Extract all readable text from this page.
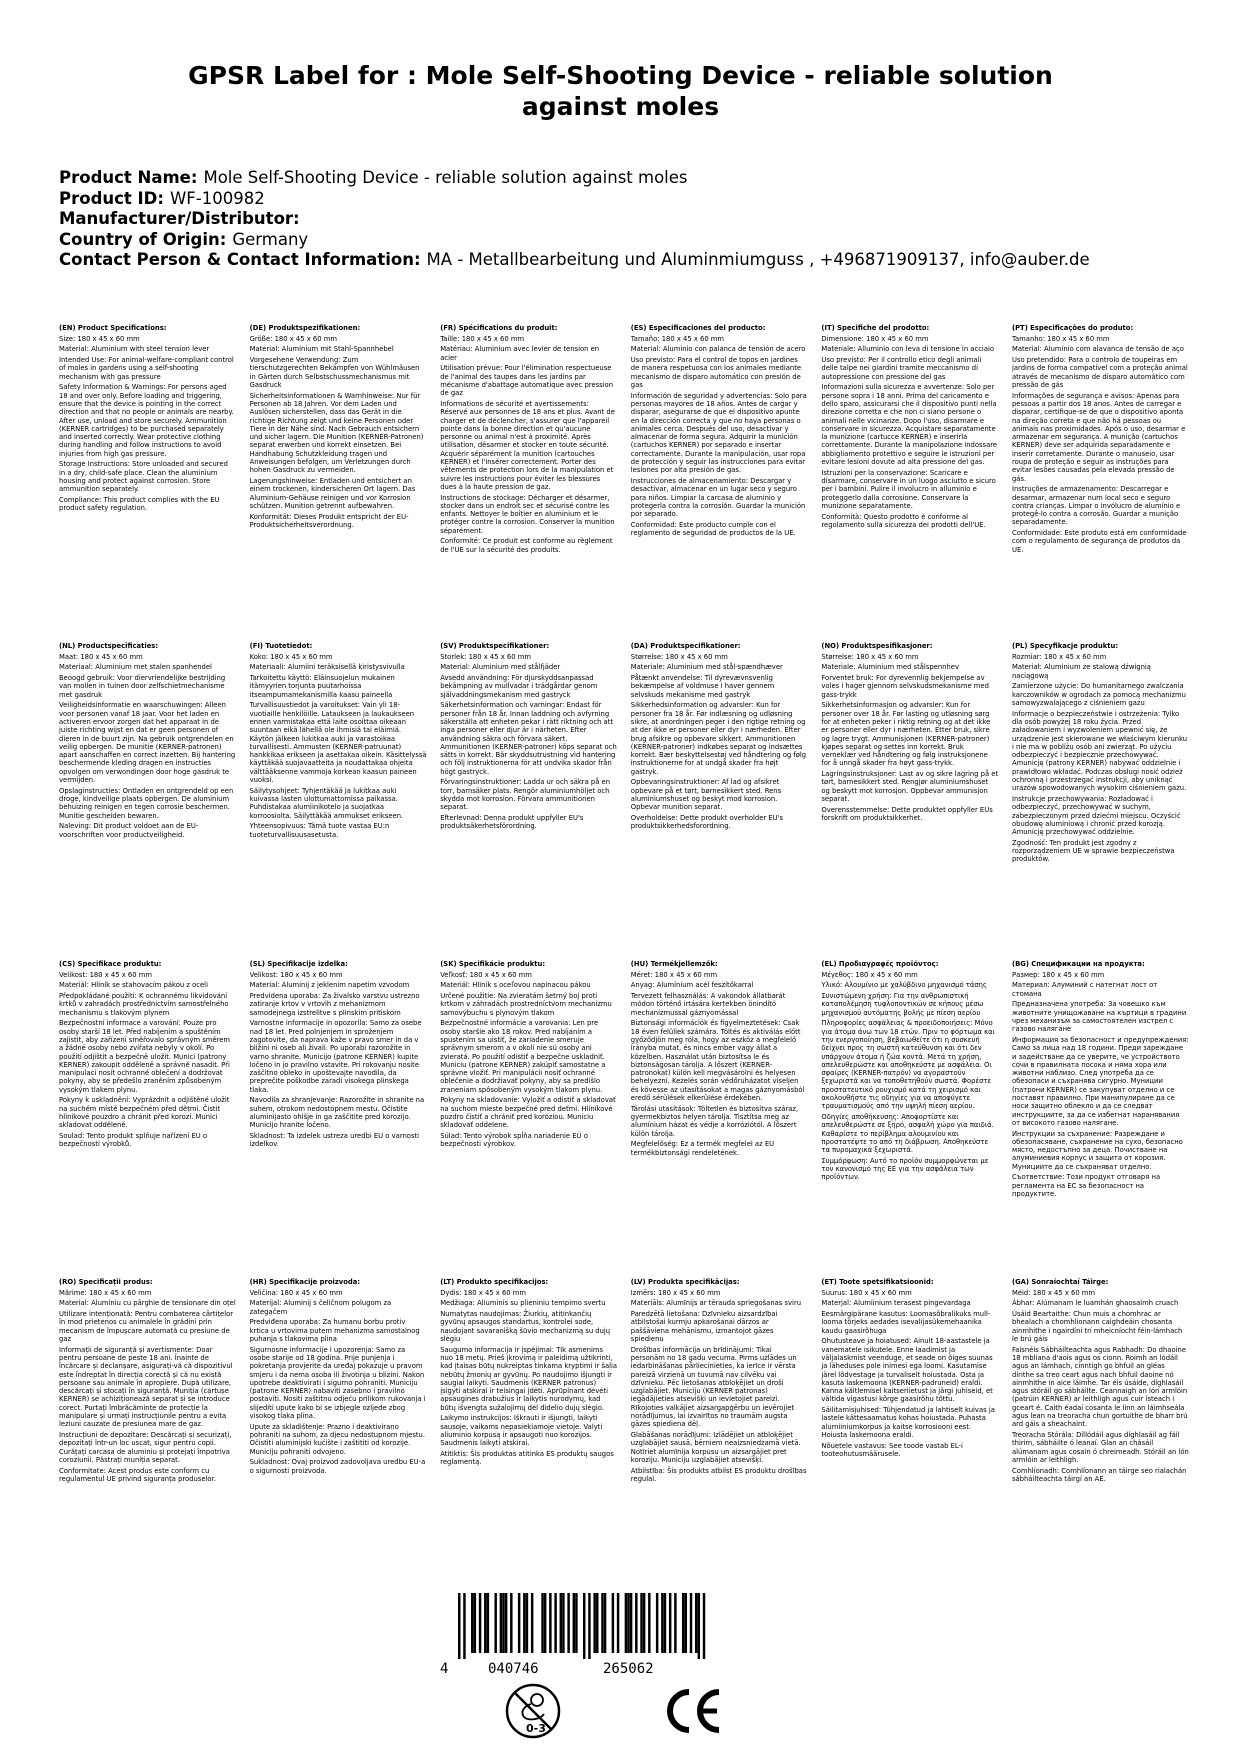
GPSR Label for : Mole Self-Shooting Device - reliable solution against moles
Product Name: Mole Self-Shooting Device - reliable solution against moles
Product ID: WF-100982
Manufacturer/Distributor:
Country of Origin: Germany
Contact Person & Contact Information: MA - Metallbearbeitung und Aluminmiumguss , +496871909137, info@auber.de

(EN) Product Specifications:

Size: 180 x 45 x 60 mm

Material: Aluminium with steel tension lever

Intended Use: For animal-welfare-compliant control of moles in gardens using a self-shooting mechanism with gas pressure

Safety Information & Warnings: For persons aged 18 and over only. Before loading and triggering, ensure that the device is pointing in the correct direction and that no people or animals are nearby. After use, unload and store securely. Ammunition (KERNER cartridges) to be purchased separately and inserted correctly. Wear protective clothing during handling and follow instructions to avoid injuries from high gas pressure.

Storage Instructions: Store unloaded and secured in a dry, child-safe place. Clean the aluminium housing and protect against corrosion. Store ammunition separately.

Compliance: This product complies with the EU product safety regulation.

(DE) Produktspezifikationen:

Größe: 180 x 45 x 60 mm

Material: Aluminium mit Stahl-Spannhebel

Vorgesehene Verwendung: Zum tierschutzgerechten Bekämpfen von Wühlmäusen in Gärten durch Selbstschussmechanismus mit Gasdruck

Sicherheitsinformationen & Warnhinweise: Nur für Personen ab 18 Jahren. Vor dem Laden und Auslösen sicherstellen, dass das Gerät in die richtige Richtung zeigt und keine Personen oder Tiere in der Nähe sind. Nach Gebrauch entsichern und sicher lagern. Die Munition (KERNER-Patronen) separat erwerben und korrekt einsetzen. Bei Handhabung Schutzkleidung tragen und Anweisungen befolgen, um Verletzungen durch hohen Gasdruck zu vermeiden.

Lagerungshinweise: Entladen und entsichert an einem trockenen, kindersicheren Ort lagern. Das Aluminium-Gehäuse reinigen und vor Korrosion schützen. Munition getrennt aufbewahren.

Konformität: Dieses Produkt entspricht der EU-Produktsicherheitsverordnung.

(FR) Spécifications du produit:

Taille: 180 x 45 x 60 mm

Matériau: Aluminium avec levier de tension en acier

Utilisation prévue: Pour l'élimination respectueuse de l'animal des taupes dans les jardins par mécanisme d'abattage automatique avec pression de gaz

Informations de sécurité et avertissements: Réservé aux personnes de 18 ans et plus. Avant de charger et de déclencher, s'assurer que l'appareil pointe dans la bonne direction et qu'aucune personne ou animal n'est à proximité. Après utilisation, désarmer et stocker en toute sécurité. Acquérir séparément la munition (cartouches KERNER) et l'insérer correctement. Porter des vêtements de protection lors de la manipulation et suivre les instructions pour éviter les blessures dues à la haute pression de gaz.

Instructions de stockage: Décharger et désarmer, stocker dans un endroit sec et sécurisé contre les enfants. Nettoyer le boîtier en aluminium et le protéger contre la corrosion. Conserver la munition séparément.

Conformité: Ce produit est conforme au règlement de l'UE sur la sécurité des produits.

(ES) Especificaciones del producto:

Tamaño: 180 x 45 x 60 mm

Material: Aluminio con palanca de tensión de acero

Uso previsto: Para el control de topos en jardines de manera respetuosa con los animales mediante mecanismo de disparo automático con presión de gas

Información de seguridad y advertencias: Solo para personas mayores de 18 años. Antes de cargar y disparar, asegurarse de que el dispositivo apunte en la dirección correcta y que no haya personas o animales cerca. Después del uso, desactivar y almacenar de forma segura. Adquirir la munición (cartuchos KERNER) por separado e insertar correctamente. Durante la manipulación, usar ropa de protección y seguir las instrucciones para evitar lesiones por alta presión de gas.

Instrucciones de almacenamiento: Descargar y desactivar, almacenar en un lugar seco y seguro para niños. Limpiar la carcasa de aluminio y protegerla contra la corrosión. Guardar la munición por separado.

Conformidad: Este producto cumple con el reglamento de seguridad de productos de la UE.

(IT) Specifiche del prodotto:

Dimensione: 180 x 45 x 60 mm

Materiale: Alluminio con leva di tensione in acciaio

Uso previsto: Per il controllo etico degli animali delle talpe nei giardini tramite meccanismo di autopressione con pressione del gas

Informazioni sulla sicurezza e avvertenze: Solo per persone sopra i 18 anni. Prima del caricamento e dello sparo, assicurarsi che il dispositivo punti nella direzione corretta e che non ci siano persone o animali nelle vicinanze. Dopo l'uso, disarmare e conservare in sicurezza. Acquistare separatamente la munizione (cartucce KERNER) e inserirla correttamente. Durante la manipolazione indossare abbigliamento protettivo e seguire le istruzioni per evitare lesioni dovute ad alta pressione del gas.

Istruzioni per la conservazione: Scaricare e disarmare, conservare in un luogo asciutto e sicuro per i bambini. Pulire il involucro in alluminio e proteggerlo dalla corrosione. Conservare la munizione separatamente.

Conformità: Questo prodotto è conforme al regolamento sulla sicurezza dei prodotti dell'UE.

(PT) Especificações do produto:

Tamanho: 180 x 45 x 60 mm

Material: Alumínio com alavanca de tensão de aço

Uso pretendido: Para o controlo de toupeiras em jardins de forma compatível com a proteção animal através de mecanismo de disparo automático com pressão de gás

Informações de segurança e avisos: Apenas para pessoas a partir dos 18 anos. Antes de carregar e disparar, certifique-se de que o dispositivo aponta na direção correta e que não há pessoas ou animais nas proximidades. Após o uso, desarmar e armazenar em segurança. A munição (cartuchos KERNER) deve ser adquirida separadamente e inserir corretamente. Durante o manuseio, usar roupa de proteção e seguir as instruções para evitar lesões causadas pela elevada pressão de gás.

Instruções de armazenamento: Descarregar e desarmar, armazenar num local seco e seguro contra crianças. Limpar o invólucro de alumínio e protegê-lo contra a corrosão. Guardar a munição separadamente.

Conformidade: Este produto está em conformidade com o regulamento de segurança de produtos da UE.

(NL) Productspecificaties:

Maat: 180 x 45 x 60 mm

Materiaal: Aluminium met stalen spanhendel

Beoogd gebruik: Voor diervriendelijke bestrijding van mollen in tuinen door zelfschietmechanisme met gasdruk

Veiligheidsinformatie en waarschuwingen: Alleen voor personen vanaf 18 jaar. Voor het laden en activeren ervoor zorgen dat het apparaat in de juiste richting wijst en dat er geen personen of dieren in de buurt zijn. Na gebruik ontgrendelen en veilig opbergen. De munitie (KERNER-patronen) apart aanschaffen en correct inzetten. Bij hantering beschermende kleding dragen en instructies opvolgen om verwondingen door hoge gasdruk te vermijden.

Opslaginstructies: Ontladen en ontgrendeld op een droge, kindveilige plaats opbergen. De aluminium behuizing reinigen en tegen corrosie beschermen. Munitie gescheiden bewaren.

Naleving: Dit product voldoet aan de EU-voorschriften voor productveiligheid.

(FI) Tuotetiedot:

Koko: 180 x 45 x 60 mm

Materiaali: Alumiini teräksisellä kiristysvivulla

Tarkoitettu käyttö: Eläinsuojelun mukainen itämyyrien torjunta puutarhoissa itseampumamekanismilla kaasu paineella

Turvallisuustiedot ja varoitukset: Vain yli 18-vuotiaille henkilöille. Lataukseen ja laukaukseen ennen varmistakaa että laite osoittaa oikeaan suuntaan eikä lähellä ole ihmisiä tai eläimiä. Käytön jälkeen lukitkaa auki ja varastoikaa turvallisesti. Ammusten (KERNER-patruunat) hankkikaa erikseen ja asettakaa oikein. Käsittelyssä käyttäkää suojavaatteita ja noudattakaa ohjeita välttääksenne vammoja korkean kaasun paineen vuoksi.

Säilytysohjeet: Tyhjentäkää ja lukitkaa auki kuivassa lasten ulottumattomissa paikassa. Puhdistakaa alumiinikotelo ja suojatkaa korroosiolta. Säilyttäkää ammukset erikseen.

Yhteensopivuus: Tämä tuote vastaa EU:n tuoteturvallisuusasetusta.

(SV) Produktspecifikationer:

Storlek: 180 x 45 x 60 mm

Material: Aluminium med stålfjäder

Avsedd användning: För djurskyddsanpassad bekämpning av mullvadar i trädgårdar genom självaddningsmekanism med gastryck

Säkerhetsinformation och varningar: Endast för personer från 18 år. Innan laddning och avfyrning säkerställa att enheten pekar i rätt riktning och att inga personer eller djur är i närheten. Efter användning säkra och förvara säkert. Ammunitionen (KERNER-patroner) köps separat och sätts in korrekt. Bär skyddsutrustning vid hantering och följ instruktionerna för att undvika skador från högt gastryck.

Förvaringsinstruktioner: Ladda ur och säkra på en torr, barnsäker plats. Rengör aluminiumhöljet och skydda mot korrosion. Förvara ammunitionen separat.

Efterlevnad: Denna produkt uppfyller EU's produktsäkerhetsförordning.

(DA) Produktspecifikationer:

Størrelse: 180 x 45 x 60 mm

Materiale: Aluminium med stål-spændhæver

Påtænkt anvendelse: Til dyrevævnsvenlig bekæmpelse af voldmuse i haver gennem selvskuds mekanisme med gastryk

Sikkerhedsinformation og advarsler: Kun for personer fra 18 år. Før indlæsning og udløsning sikre, at anordningen peger i den rigtige retning og at der ikke er personer eller dyr i nærheden. Efter brug afsikre og opbevare sikkert. Ammunitionen (KERNER-patroner) indkøbes separat og indsættes korrekt. Bær beskyttelsestøj ved håndtering og følg instruktionerne for at undgå skader fra højt gastryk.

Opbevaringsinstruktioner: Af lad og afsikret opbevare på et tørt, børnesikkert sted. Rens aluminiumshuset og beskyt mod korrosion. Opbevar munition separat.

Overholdelse: Dette produkt overholder EU's produktsikkerhedsforordning.

(NO) Produktspesifikasjoner:

Størrelse: 180 x 45 x 60 mm

Materiale: Aluminium med stålspennhev

Forventet bruk: For dyrevennlig bekjempelse av voles i hager gjennom selvskudsmekanisme med gass-trykk

Sikkerhetsinformasjon og advarsler: Kun for personer over 18 år. Før lasting og utløsning sørg for at enheten peker i riktig retning og at det ikke er personer eller dyr i nærheten. Etter bruk, sikre og lagre trygt. Ammunisjonen (KERNER-patroner) kjøpes separat og settes inn korrekt. Bruk verneklær ved håndtering og følg instruksjonene for å unngå skader fra høyt gass-trykk.

Lagringsinstruksjoner: Last av og sikre lagring på et tørt, barnesikkert sted. Rengjør aluminiumshuset og beskytt mot korrosjon. Oppbevar ammunisjon separat.

Overensstemmelse: Dette produktet oppfyller EUs forskrift om produktsikkerhet.

(PL) Specyfikacje produktu:

Rozmiar: 180 x 45 x 60 mm

Materiał: Aluminium ze stalową dźwignią naciągową

Zamierzone użycie: Do humanitarnego zwalczania karczowników w ogrodach za pomocą mechanizmu samowyzwalającego z ciśnieniem gazu

Informacje o bezpieczeństwie i ostrzeżenia: Tylko dla osób powyżej 18 roku życia. Przed załadowaniem i wyzwoleniem upewnić się, że urządzenie jest skierowane we właściwym kierunku i nie ma w pobliżu osób ani zwierząt. Po użyciu odbezpieczyć i bezpiecznie przechowywać. Amunicję (patrony KERNER) nabywać oddzielnie i prawidłowo wkładać. Podczas obsługi nosić odzież ochronną i przestrzegać instrukcji, aby uniknąć urazów spowodowanych wysokim ciśnieniem gazu.

Instrukcje przechowywania: Rozładować i odbezpieczyć, przechowywać w suchym, zabezpieczonym przed dziećmi miejscu. Oczyścić obudowę aluminiową i chronić przed korozją. Amunicję przechowywać oddzielnie.

Zgodność: Ten produkt jest zgodny z rozporządzeniem UE w sprawie bezpieczeństwa produktów.

(CS) Specifikace produktu:

Velikost: 180 x 45 x 60 mm

Materiál: Hliník se stahovacím pákou z oceli

Předpokládané použití: K ochrannému likvidování krtků v zahradách prostřednictvím samostřelného mechanismu s tlakovým plynem

Bezpečnostní informace a varování: Pouze pro osoby starší 18 let. Před nabíjením a spuštěním zajistit, aby zařízení směřovalo správným směrem a žádné osoby nebo zvířata nebyly v okolí. Po použití odjištit a bezpečně uložit. Munici (patrony KERNER) zakoupit odděleně a správně nasadit. Při manipulaci nosit ochranné oblečení a dodržovat pokyny, aby se předešlo zraněním způsobeným vysokým tlakem plynu.

Pokyny k uskladnění: Vyprázdnit a odjištěné uložit na suchém místě bezpečném před dětmi. Čistit hliníkové pouzdro a chránit před korozí. Munici skladovat odděleně.

Soulad: Tento produkt splňuje nařízení EU o bezpečnosti výrobků.

(SL) Specifikacije izdelka:

Velikost: 180 x 45 x 60 mm

Material: Aluminij z jeklenim napetim vzvodom

Predvidena uporaba: Za živalsko varstvu ustrezno zatiranje krtov v vrtovih z mehanizmom samodejnega izstrelitve s plinskim pritiskom

Varnostne informacije in opozorila: Samo za osebe nad 18 let. Pred polnjenjem in sproženjem zagotovite, da naprava kaže v pravo smer in da v bližini ni oseb ali živali. Po uporabi razorožite in varno shranite. Municijo (patrone KERNER) kupite ločeno in jo pravilno vstavite. Pri rokovanju nosite zaščitno obleko in upoštevajte navodila, da preprečite poškodbe zaradi visokega plinskega tlaka.

Navodila za shranjevanje: Razorožite in shranite na suhem, otrokom nedostopnem mestu. Očistite aluminijasto ohišje in ga zaščitite pred korozijo. Municijo hranite ločeno.

Skladnost: Ta izdelek ustreza uredbi EU o varnosti izdelkov.

(SK) Špecifikácie produktu:

Veľkosť: 180 x 45 x 60 mm

Materiál: Hliník s oceľovou napínacou pákou

Určené použitie: Na zvieratám šetrný boj proti krtkom v záhradách prostredníctvom mechanizmu samovýbuchu s plynovým tlakom

Bezpečnostné informácie a varovania: Len pre osoby staršie ako 18 rokov. Pred nabíjaním a spustením sa uistiť, že zariadenie smeruje správnym smerom a v okolí nie sú osoby ani zvieratá. Po použití odistiť a bezpečne uskladniť. Municiu (patrone KERNER) zakúpiť samostatne a správne vložiť. Pri manipulácii nosiť ochranné oblečenie a dodržiavať pokyny, aby sa predišlo zraneniam spôsobeným vysokým tlakom plynu.

Pokyny na skladovanie: Vyložiť a odistiť a skladovať na suchom mieste bezpečné pred deťmi. Hliníkové puzdro čistiť a chrániť pred koróziou. Municiu skladovať oddelene.

Súlad: Tento výrobok spĺňa nariadenie EÚ o bezpečnosti výrobkov.

(HU) Termékjellemzők:

Méret: 180 x 45 x 60 mm

Anyag: Alumínium acél feszítőkarral

Tervezett felhasználás: A vakondok állatbarát módon történő irtására kertekben önindító mechanizmussal gáznyomással

Biztonsági információk és figyelmeztetések: Csak 18 éven felüliek számára. Töltés és aktiválás előtt győződjön meg róla, hogy az eszköz a megfelelő irányba mutat, és nincs ember vagy állat a közelben. Használat után biztosítsa le és biztonságosan tárolja. A lőszert (KERNER-patronokat) külön kell megvásárolni és helyesen behelyezni. Kezelés során védőruházatot viseljen és kövesse az utasításokat a magas gáznyomásból eredő sérülések elkerülése érdekében.

Tárolási utasítások: Töltetlen és biztosítva száraz, gyermekbiztos helyen tárolja. Tisztítsa meg az alumínium házat és védje a korróziótól. A lőszert külön tárolja.

Megfelelőség: Ez a termék megfelel az EU termékbiztonsági rendeletének.

(EL) Προδιαγραφές προϊόντος:

Μέγεθος: 180 x 45 x 60 mm

Υλικό: Αλουμίνιο με χαλύβδινο μηχανισμό τάσης

Συνιστώμενη χρήση: Για την ανθρωπιστική καταπολέμηση τυφλοποντικών σε κήπους μέσω μηχανισμού αυτόματης βολής με πίεση αερίου

Πληροφορίες ασφάλειας & προειδοποιήσεις: Μόνο για άτομα άνω των 18 ετών. Πριν το φόρτωμα και την ενεργοποίηση, βεβαιωθείτε ότι η συσκευή δείχνει προς τη σωστή κατεύθυνση και ότι δεν υπάρχουν άτομα ή ζώα κοντά. Μετά τη χρήση, απελευθερώστε και αποθηκεύστε με ασφάλεια. Οι σφαίρες (KERNER-πατρόν) να αγοραστούν ξεχωριστά και να τοποθετηθούν σωστά. Φορέστε προστατευτικό ρουχισμό κατά τη χειρισμό και ακολουθήστε τις οδηγίες για να αποφύγετε τραυματισμούς από την υψηλή πίεση αερίου.

Οδηγίες αποθήκευσης: Αποφορτίστε και απελευθερώστε σε ξηρό, ασφαλή χώρο για παιδιά. Καθαρίστε το περίβλημα αλουμινίου και προστατέψτε το από τη διάβρωση. Αποθηκεύστε τα πυρομαχικά ξεχωριστά.

Συμμόρφωση: Αυτό το προϊόν συμμορφώνεται με τον κανονισμό της ΕΕ για την ασφάλεια των προϊόντων.

(BG) Спецификации на продукта:

Размер: 180 x 45 x 60 mm

Материал: Алуминий с натегнат лост от стомана

Предназначена употреба: За човешко към животните унищожаване на къртици в градини чрез механизъм за самостоятелен изстрел с газово налягане

Информация за безопасност и предупреждения: Само за лица над 18 години. Преди зареждане и задействане да се уверите, че устройството сочи в правилната посока и няма хора или животни наблизо. След употреба да се обезопаси и съхранява сигурно. Муниции (патрони KERNER) се закупуват отделно и се поставят правилно. При манипулиране да се носи защитно облекло и да се следват инструкциите, за да се избегнат наранявания от високото газово налягане.

Инструкции за съхранение: Разреждане и обезопасяване, съхранение на сухо, безопасно място, недостъпно за деца. Почистване на алуминиевия корпус и защита от корозия. Мунициите да се съхраняват отделно.

Съответствие: Този продукт отговаря на регламента на ЕС за безопасност на продуктите.

(RO) Specificații produs:

Mărime: 180 x 45 x 60 mm

Material: Aluminiu cu pârghie de tensionare din oțel

Utilizare intenționată: Pentru combaterea cârtițelor în mod prietenos cu animalele în grădini prin mecanism de împușcare automată cu presiune de gaz

Informații de siguranță și avertismente: Doar pentru persoane de peste 18 ani. Înainte de încărcare și declanșare, asigurați-vă că dispozitivul este îndreptat în direcția corectă și că nu există persoane sau animale în apropiere. După utilizare, descărcați și stocați în siguranță. Muniția (cartușe KERNER) se achiziționează separat și se introduce corect. Purtați îmbrăcăminte de protecție la manipulare și urmați instrucțiunile pentru a evita leziuni cauzate de presiunea mare de gaz.

Instrucțiuni de depozitare: Descărcați și securizați, depozitați într-un loc uscat, sigur pentru copii. Curățați carcasa de aluminiu și protejați împotriva coroziunii. Păstrați muniția separat.

Conformitate: Acest produs este conform cu regulamentul UE privind siguranța produselor.

(HR) Specifikacije proizvoda:

Veličina: 180 x 45 x 60 mm

Materijal: Aluminij s čeličnom polugom za zategačem

Predviđena uporaba: Za humanu borbu protiv krtica u vrtovima putem mehanizma samostalnog puhanja s tlakovima plina

Sigurnosne informacije i upozorenja: Samo za osobe starije od 18 godina. Prije punjenja i pokretanja provjerite da uređaj pokazuje u pravom smjeru i da nema osoba ili životinja u blizini. Nakon upotrebe deaktivirati i sigurno pohraniti. Municiju (patrone KERNER) nabaviti zasebno i pravilno postaviti. Nositi zaštitnu odjeću prilikom rukovanja i slijediti upute kako bi se izbjegle ozljede zbog visokog tlaka plina.

Upute za skladištenje: Prazno i deaktivirano pohraniti na suhom, za djecu nedostupnom mjestu. Očistiti aluminijski kućište i zaštititi od korozije. Municiju pohraniti odvojeno.

Sukladnost: Ovaj proizvod zadovoljava uredbu EU-a o sigurnosti proizvoda.

(LT) Produkto specifikacijos:

Dydis: 180 x 45 x 60 mm

Medžiaga: Aliuminis su plieniniu tempimo svertu

Numatytas naudojimas: Žiurkių, atitinkančių gyvūnų apsaugos standartus, kontrolei sode, naudojant savaranišką šūvio mechanizmą su dujų slėgiu

Saugumo informacija ir įspėjimai: Tik asmenims nuo 18 metų. Prieš įkrovimą ir paleidimą užtikrinti, kad įtaisas būtų nukreiptas tinkama kryptimi ir šalia nebūtų žmonių ar gyvūnų. Po naudojimo išjungti ir saugiai laikyti. Saudmenis (KERNER patronus) įsigyti atskirai ir teisingai įdėti. Aprūpinant dėvėti apsaugines drabužius ir laikytis nurodymų, kad būtų išvengta sužalojimų dėl didelio dujų slėgio.

Laikymo instrukcijos: Iškrauti ir išjungti, laikyti sausoje, vaikams nepasiekiamoje vietoje. Valyti aliuminio korpusą ir apsaugoti nuo korozijos. Saudmenis laikyti atskirai.

Atitiktis: Šis produktas atitinka ES produktų saugos reglamentą.

(LV) Produkta specifikācijas:

Izmērs: 180 x 45 x 60 mm

Materiāls: Alumīnijs ar tērauda spriegošanas sviru

Paredzētā lietošana: Dzīvnieku aizsardzībai atbilstošai kurmju apkarošanai dārzos ar paššāviena mehānismu, izmantojot gāzes spiedienu

Drošības informācija un brīdinājumi: Tikai personām no 18 gadu vecuma. Pirms uzlādes un iedarbināšanas pārliecinieties, ka ierīce ir vērsta pareizā virzienā un tuvumā nav cilvēku vai dzīvnieku. Pēc lietošanas atbloķējiet un droši uzglabājiet. Municiju (KERNER patronas) iegādājieties atsevišķi un ievietojiet pareizi. Rīkojoties valkājiet aizsargapģērbu un ievērojiet norādījumus, lai izvairītos no traumām augsta gāzes spiediena dēļ.

Glabāšanas norādījumi: Izlādējiet un atbloķējiet uzglabājiet sausā, bērniem neaizsniedzamā vietā. Notīriet alumīnija korpusu un aizsargājiet pret koroziju. Municiju uzglabājiet atsevišķi.

Atbilstība: Šis produkts atbilst ES produktu drošības regulai.

(ET) Toote spetsifikatsioonid:

Suurus: 180 x 45 x 60 mm

Materjal: Alumiinium terasest pingevardaga

Eesmärgipärane kasutus: Loomasõbralikuks mull-looma tõrjeks aedades isevalijasükemehaanika kaudu gaasirõhuga

Ohutusteave ja hoiatused: Ainult 18-aastastele ja vanematele isikutele. Enne laadimist ja väljalaskmist veenduge, et seade on õiges suunas ja läheduses pole inimesi ega loomi. Kasutamise järel lõdvestage ja turvaliselt hoiustada. Osta ja kasuta laskemoona (KERNER-padruneid) eraldi. Kanna käitlemisel kaitseriietust ja järgi juhiseid, et vältida vigastusi kõrge gaasirõhu tõttu.

Säilitamisjuhised: Tühjendatud ja lahtiselt kuivas ja lastele kättesaamatus kohas hoiustada. Puhasta alumiiniumkorpus ja kaitse korrosiooni eest. Hoiusta laskemoona eraldi.

Nõuetele vastavus: See toode vastab EL-i tooteohutusmäärusele.

(GA) Sonraíochtaí Táirge:

Méid: 180 x 45 x 60 mm

Ábhar: Alúmanam le luamhán ghaosaimh cruach

Úsáid Beartaithe: Chun muis a chomhrac ar bhealach a chomhlíonann caighdeáin chosanta ainmhithe i ngairdíní trí mheicníocht féin-lámhach le brú gáis

Faisnéis Sábháilteachta agus Rabhadh: Do dhaoine 18 mbliana d'aois agus os cionn. Roimh an lódáil agus an lámhach, cinntigh go bhfuil an gléas dírithe sa treo ceart agus nach bhfuil daoine nó ainmhithe in aice láimhe. Tar éis úsáide, díghlasáil agus stóráil go sábháilte. Ceannaigh an lón armlóin (patrúin KERNER) ar leithligh agus cuir isteach i gceart é. Caith éadaí cosanta le linn an láimhseála agus lean na treoracha chun gortuithe de bharr brú ard gáis a sheachaint.

Treoracha Stórála: Díllódáil agus díghlasáil ag fáil thirim, sábháilte ó leanaí. Glan an chásáil alúmanam agus cosain ó chreimeadh. Stóráil an lón armlóin ar leithligh.

Comhlíonadh: Comhlíonann an táirge seo rialachán sábháilteachta táirgí an AE.

4	040746	265062
0-3
